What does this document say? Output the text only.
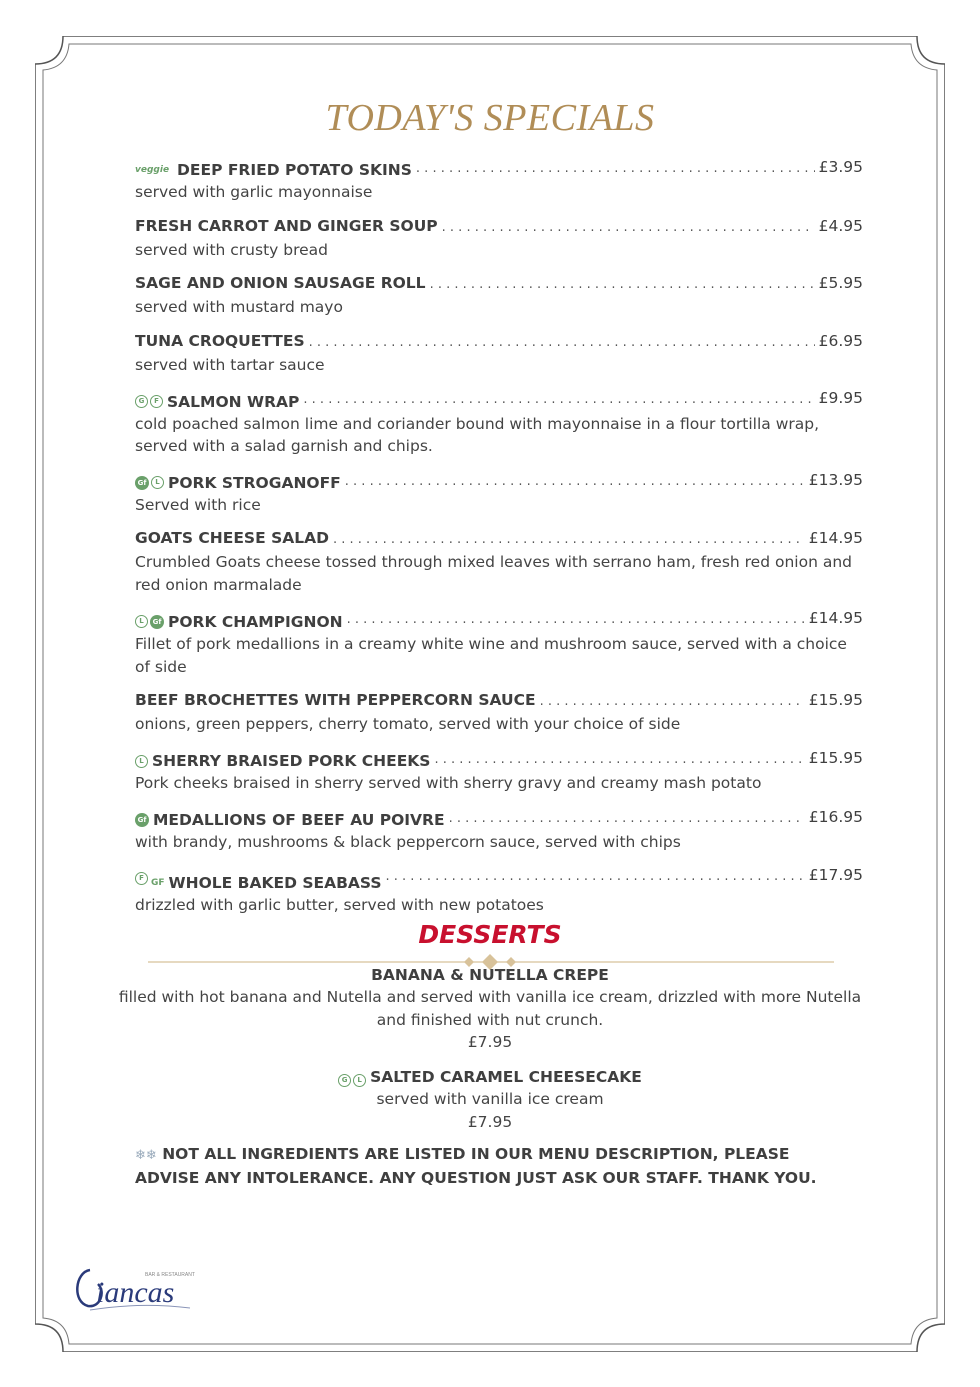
TODAY'S SPECIALS
veggie DEEP FRIED POTATO SKINS . . .	£3.95
served with garlic mayonnaise
FRESH CARROT AND GINGER SOUP . . .	£4.95
served with crusty bread
SAGE AND ONION SAUSAGE ROLL . . .	£5.95
served with mustard mayo
TUNA CROQUETTES . . .	£6.95
served with tartar sauce
G	F SALMON WRAP . . .	£9.95
cold poached salmon lime and coriander bound with mayonnaise in a flour tortilla wrap, served with a salad garnish and chips.
Gf	L PORK STROGANOFF . . .	£13.95
Served with rice
GOATS CHEESE SALAD . . .	£14.95
Crumbled Goats cheese tossed through mixed leaves with serrano ham, fresh red onion and red onion marmalade
L	Gf PORK CHAMPIGNON . . .	£14.95
Fillet of pork medallions in a creamy white wine and mushroom sauce, served with a choice of side
BEEF BROCHETTES WITH PEPPERCORN SAUCE . . .	£15.95
onions, green peppers, cherry tomato, served with your choice of side
L SHERRY BRAISED PORK CHEEKS . . .	£15.95
Pork cheeks braised in sherry served with sherry gravy and creamy mash potato
Gf MEDALLIONS OF BEEF AU POIVRE . . .	£16.95
with brandy, mushrooms & black peppercorn sauce, served with chips
F GF WHOLE BAKED SEABASS . . .	£17.95
drizzled with garlic butter, served with new potatoes
DESSERTS
BANANA & NUTELLA CREPE
filled with hot banana and Nutella and served with vanilla ice cream, drizzled with more Nutella and finished with nut crunch.
£7.95
G	L SALTED CARAMEL CHEESECAKE
served with vanilla ice cream
£7.95
❄❄ NOT ALL INGREDIENTS ARE LISTED IN OUR MENU DESCRIPTION, PLEASE ADVISE ANY INTOLERANCE. ANY QUESTION JUST ASK OUR STAFF. THANK YOU.
iancas
BAR & RESTAURANT
